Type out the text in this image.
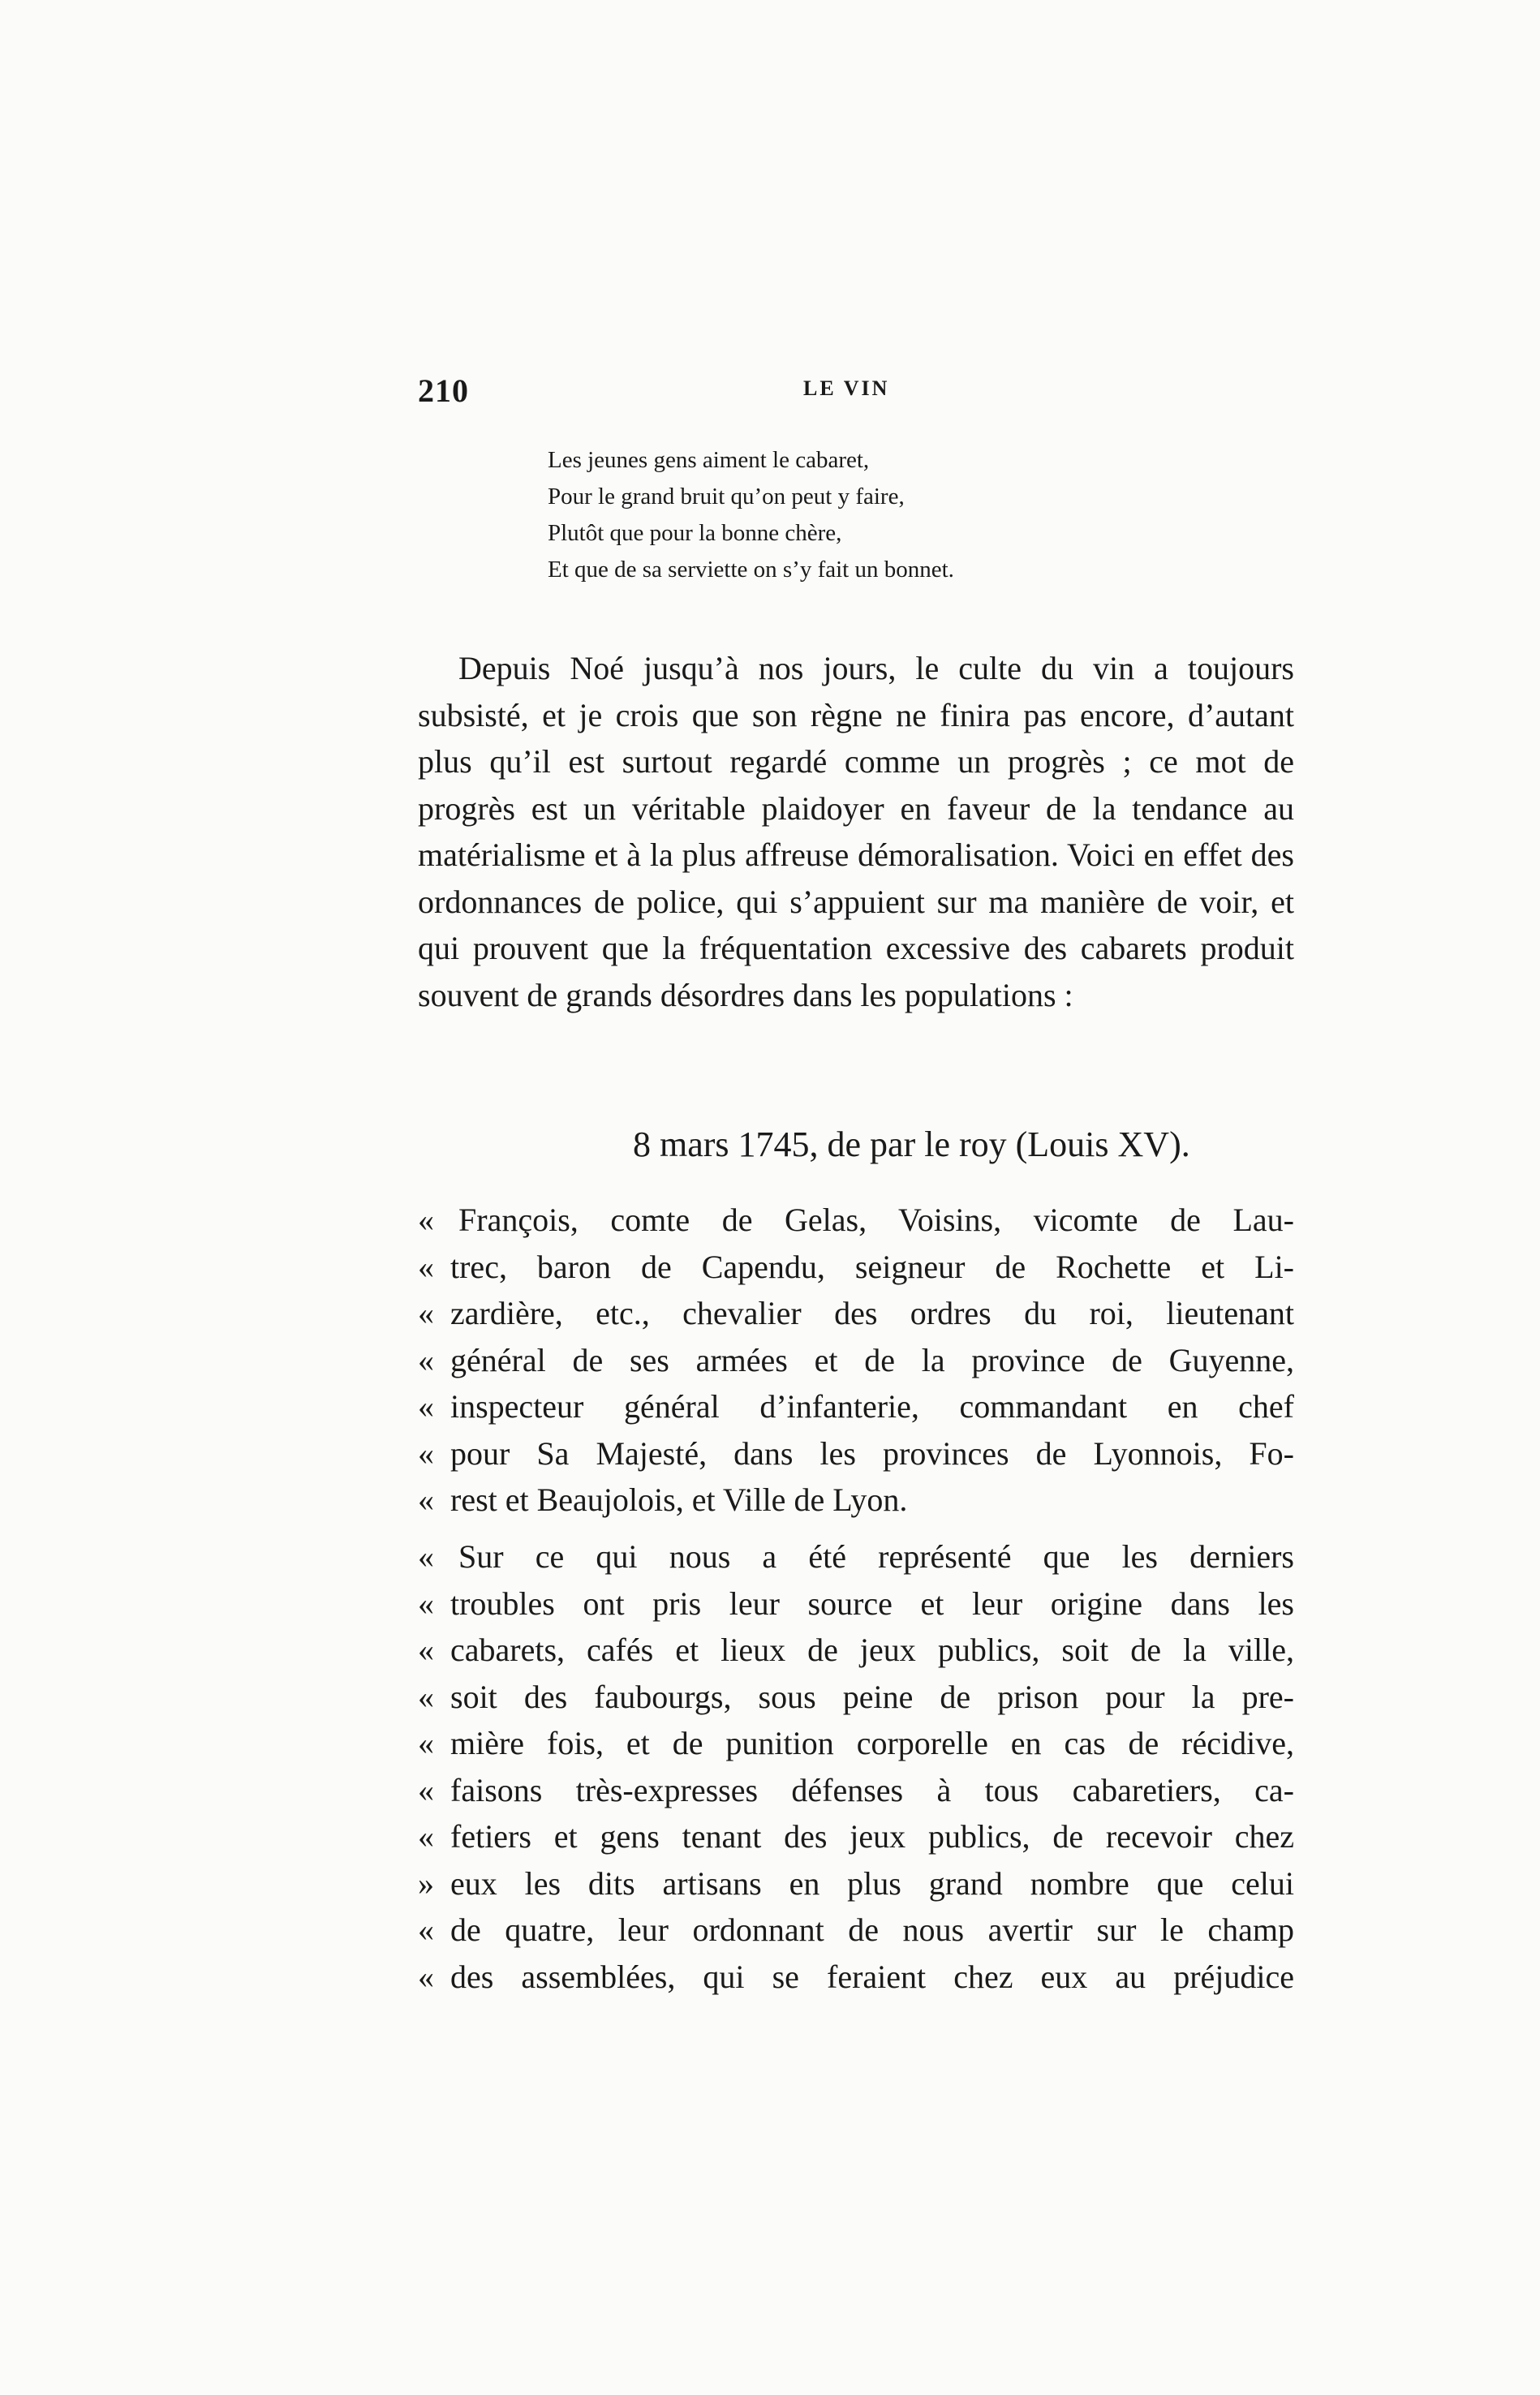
210	LE VIN
Les jeunes gens aiment le cabaret,
Pour le grand bruit qu’on peut y faire,
Plutôt que pour la bonne chère,
Et que de sa serviette on s’y fait un bonnet.

Depuis Noé jusqu’à nos jours, le culte du vin a toujours subsisté, et je crois que son règne ne finira pas encore, d’autant plus qu’il est surtout regardé comme un progrès ; ce mot de progrès est un véritable plaidoyer en faveur de la tendance au matérialisme et à la plus affreuse démoralisation. Voici en effet des ordonnances de police, qui s’appuient sur ma manière de voir, et qui prouvent que la fréquentation excessive des cabarets produit souvent de grands désordres dans les populations :

8 mars 1745, de par le roy (Louis XV).
« François, comte de Gelas, Voisins, vicomte de Lau-
« trec, baron de Capendu, seigneur de Rochette et Li-
« zardière, etc., chevalier des ordres du roi, lieutenant
« général de ses armées et de la province de Guyenne,
« inspecteur général d’infanterie, commandant en chef
« pour Sa Majesté, dans les provinces de Lyonnois, Fo-
« rest et Beaujolois, et Ville de Lyon.
« Sur ce qui nous a été représenté que les derniers
« troubles ont pris leur source et leur origine dans les
« cabarets, cafés et lieux de jeux publics, soit de la ville,
« soit des faubourgs, sous peine de prison pour la pre-
« mière fois, et de punition corporelle en cas de récidive,
« faisons très-expresses défenses à tous cabaretiers, ca-
« fetiers et gens tenant des jeux publics, de recevoir chez
» eux les dits artisans en plus grand nombre que celui
« de quatre, leur ordonnant de nous avertir sur le champ
« des assemblées, qui se feraient chez eux au préjudice
